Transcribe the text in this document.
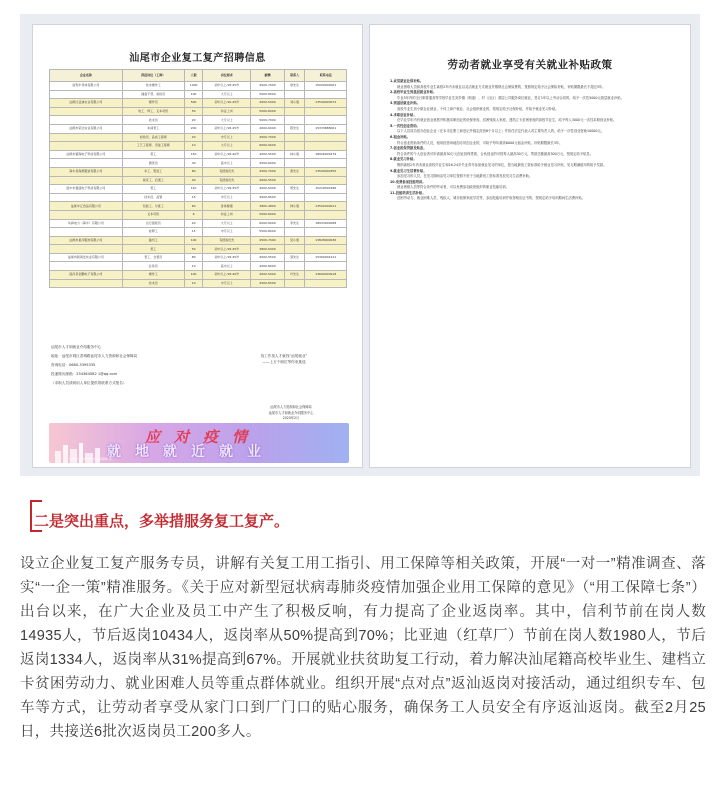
汕尾市企业复工复产招聘信息
企业名称	拟招岗位（工种）	人数	岗位要求	薪酬	联系人	联系电话
信利半导体有限公司	技术操作工	1000	初中以上/18-45岁	4500-7000	徐先生	15000000001
	储备干部、质检员	100	大专以上	5000-8000		
汕尾比亚迪实业有限公司	操作员	500	初中以上/16-45岁	4000-5000	刘小姐	13590000072
	电工、焊工、叉车司机	50	持证上岗	5000-6000		
	技术员	20	大专以上	5000-7000		
汕尾市荣达实业有限公司	车间普工	200	初中以上/18-45岁	4000-6000	陈先生	15333688001
	检验员、品质工程师	20	中专以上	4500-7000		
	工艺工程师、设备工程师	10	大专以上	6000-9000		
汕尾市富海电子科技有限公司	普工	150	初中以上/18-40岁	4000-5500	林小姐	18926000279
	测试员	30	高中以上	4500-6000		
海丰县海源服装有限公司	车工、熨烫工	80	有经验优先	4500-7000	黄先生	13590000355
	裁床工、后道工	40	有经验优先	4000-5500		
陆丰市嘉盛电子科技有限公司	普工	120	初中以上/18-45岁	4000-5000	郑先生	15218300186
	技术员、品管	15	中专以上	4500-6500		
汕尾中汇食品有限公司	包装工、分拣工	60	身体健康	3800-4800	钟小姐	13502400011
	叉车司机	6	持证上岗	5000-6000		
华润电力（海丰）有限公司	运行值班员	20	大专以上	6000-9000	李先生	18933000068
	检修工	15	中专以上	5500-8000		
汕尾市星河服饰有限公司	缝纫工	100	有经验优先	4500-7000	吴小姐	13828000036
	普工	50	初中以上/18-45岁	3800-5000		
汕尾市新鸿发实业有限公司	普工、仓管员	80	初中以上/18-45岁	4000-5500	蔡先生	15360004121
	业务员	10	高中以上	4000-8000		
陆河县金鹏电子有限公司	操作工	100	初中以上/18-40岁	4000-5000	叶先生	13690000918
	技术员	10	中专以上	4500-6500		
汕尾市人才和就业介绍服务中心
地址：汕尾市城区香城路汕尾市人力资源和社会保障局
咨询电话：0660-3395335
投递简历邮箱：254364582 1@qq.com
（求职人员请到用人单位提供的联系方式报名）
找工作找人才就找“汕尾就业”
——上万个职位等你来挑选
汕尾市人力资源和社会保障局
汕尾市人才和就业介绍服务中心
2020年2月
应对疫情
就地就近就业
汕尾市人力资源和社会保障局 宣
劳动者就业享受有关就业补贴政策
1.灵活就业社保补贴。
就业困难人员和高校毕业生离校2年内未就业以灵活就业方式就业并缴纳社会保险费的，按照规定给予社会保险补贴，补贴期限最长不超过3年。
2.高校毕业生到基层就业补贴。
毕业5年内的全日制普通高等学校毕业生到乡镇（街道）、村（社区）基层公共服务岗位就业，签订1年以上劳动合同的，给予一次性5000元基层就业补贴。
3.到基层就业补贴。
高校毕业生到小微企业就业、个体工商户就业、社会组织就业的，按规定给予社保补贴，并给予就业见习补贴。
4.求职创业补贴。
在毕业学年内有就业创业意愿并积极求职创业的低保家庭、贫困残疾人家庭、建档立卡贫困家庭的高校毕业生，给予每人3000元一次性求职创业补贴。
5.一次性创业资助。
以下人员成功创办创业企业（在本市注册工商登记并稳定经营6个月以上）并担任法定代表人或主要负责人的，给予一次性创业资助10000元。
6.租金补贴。
符合创业资助条件的人员，租用经营场地创办初创企业的，可给予每年最高6000元租金补贴，补贴期限最长3年。
7.创业担保贷款及贴息。
符合条件的个人创业者可申请最高30万元创业担保贷款，合伙创业的可按每人最高30万元，贷款总额最高300万元，按规定给予贴息。
8.就业见习补贴。
吸纳离校2年内未就业高校毕业生和16-24岁失业青年参加就业见习的单位，按当地最低工资标准给予就业见习补贴，见习期满留用的给予奖励。
9.就业见习生活费补贴。
参加见习的人员，在见习期间由见习单位按照不低于当地最低工资标准发放见习生活费补助。
10.免费参加技能培训。
就业困难人员等符合条件的劳动者，可以免费参加政府组织的职业技能培训。
11.技能培训生活补贴。
贫困劳动力、就业困难人员、残疾人、城市低保家庭学员等，参加技能培训并取得相应证书的，按规定给予培训期间生活费补贴。
二是突出重点，多举措服务复工复产。
设立企业复工复产服务专员，讲解有关复工用工指引、用工保障等相关政策，开展“一对一”精准调查、落实“一企一策”精准服务。《关于应对新型冠状病毒肺炎疫情加强企业用工保障的意见》（“用工保障七条”）出台以来，在广大企业及员工中产生了积极反响，有力提高了企业返岗率。其中，信利节前在岗人数14935人，节后返岗10434人，返岗率从50%提高到70%；比亚迪（红草厂）节前在岗人数1980人，节后返岗1334人，返岗率从31%提高到67%。开展就业扶贫助复工行动，着力解决汕尾籍高校毕业生、建档立卡贫困劳动力、就业困难人员等重点群体就业。组织开展“点对点”返汕返岗对接活动，通过组织专车、包车等方式，让劳动者享受从家门口到厂门口的贴心服务，确保务工人员安全有序返汕返岗。截至2月25日，共接送6批次返岗员工200多人。
